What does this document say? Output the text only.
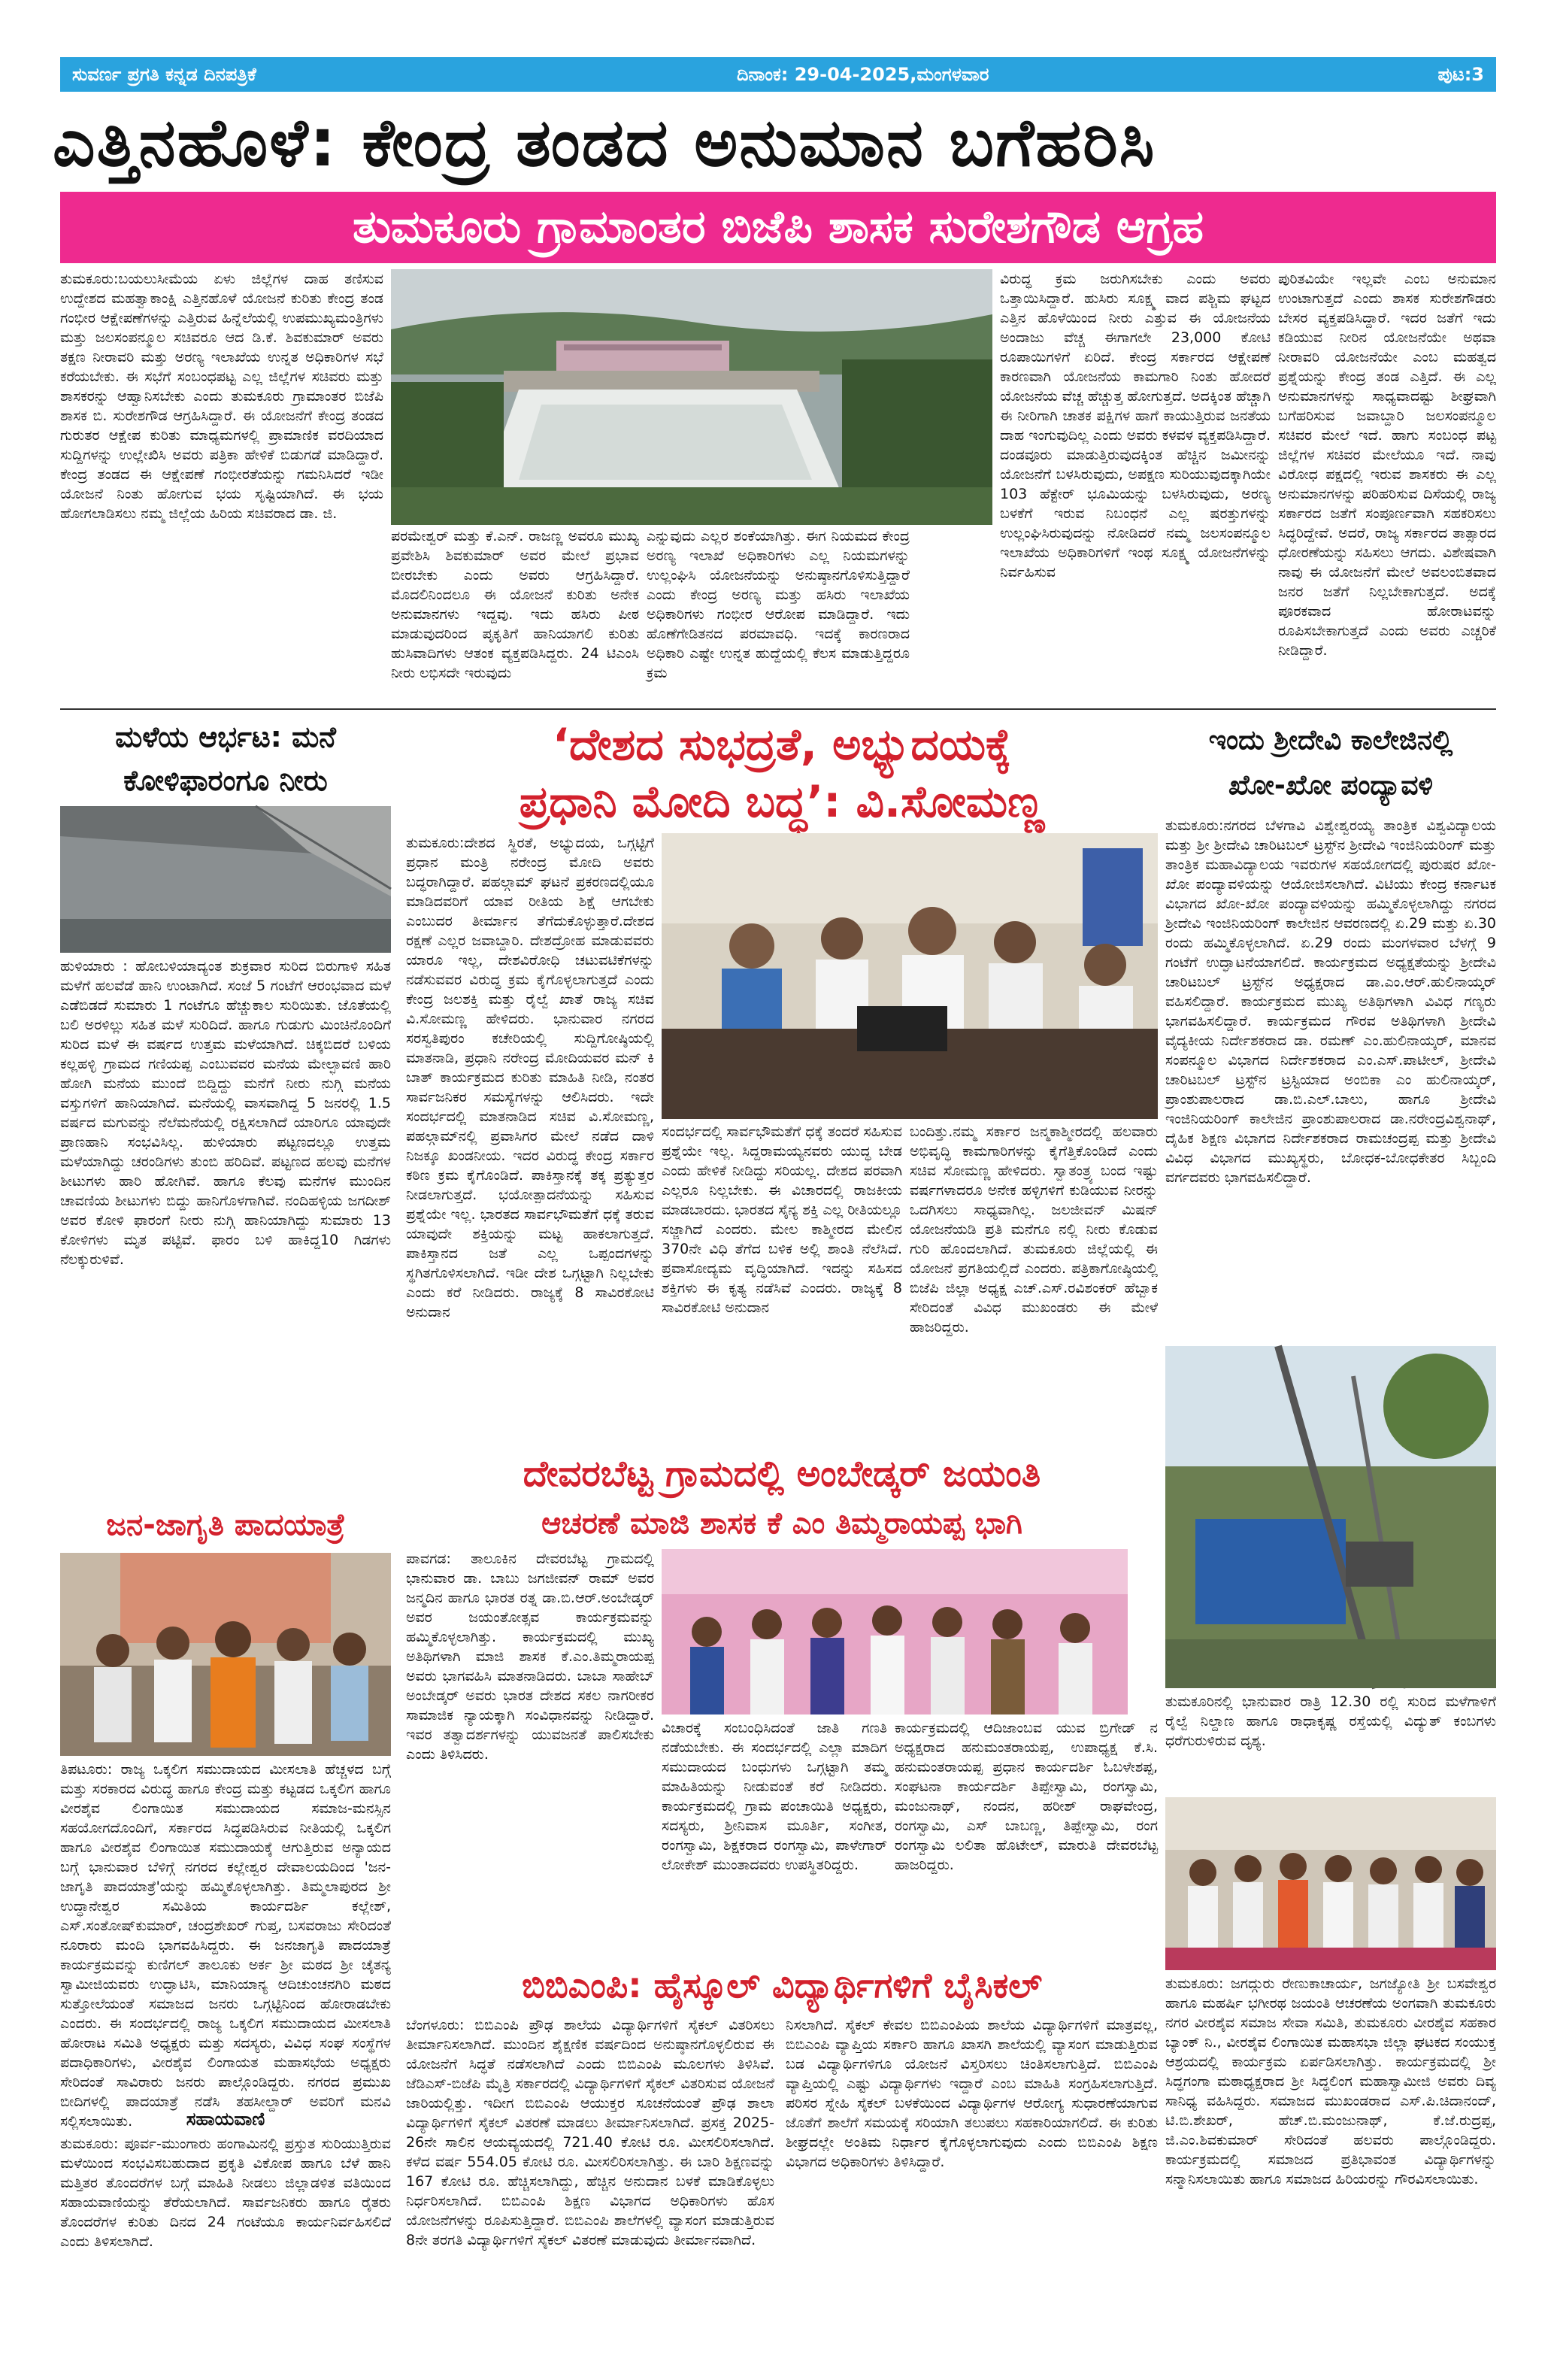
ಸುವರ್ಣ ಪ್ರಗತಿ ಕನ್ನಡ ದಿನಪತ್ರಿಕೆ	ದಿನಾಂಕ: 29-04-2025,ಮಂಗಳವಾರ	ಪುಟ:3
ಎತ್ತಿನಹೊಳೆ: ಕೇಂದ್ರ ತಂಡದ ಅನುಮಾನ ಬಗೆಹರಿಸಿ
ತುಮಕೂರು ಗ್ರಾಮಾಂತರ ಬಿಜೆಪಿ ಶಾಸಕ ಸುರೇಶಗೌಡ ಆಗ್ರಹ
ತುಮಕೂರು:ಬಯಲುಸೀಮೆಯ ಏಳು ಜಿಲ್ಲೆಗಳ ದಾಹ ತಣಿಸುವ ಉದ್ದೇಶದ ಮಹತ್ವಾಕಾಂಕ್ಷಿ ಎತ್ತಿನಹೊಳೆ ಯೋಜನೆ ಕುರಿತು ಕೇಂದ್ರ ತಂಡ ಗಂಭೀರ ಆಕ್ಷೇಪಣೆಗಳನ್ನು ಎತ್ತಿರುವ ಹಿನ್ನೆಲೆಯಲ್ಲಿ ಉಪಮುಖ್ಯಮಂತ್ರಿಗಳು ಮತ್ತು ಜಲಸಂಪನ್ಮೂಲ ಸಚಿವರೂ ಆದ ಡಿ.ಕೆ. ಶಿವಕುಮಾರ್ ಅವರು ತಕ್ಷಣ ನೀರಾವರಿ ಮತ್ತು ಅರಣ್ಯ ಇಲಾಖೆಯ ಉನ್ನತ ಅಧಿಕಾರಿಗಳ ಸಭೆ ಕರೆಯಬೇಕು. ಈ ಸಭೆಗೆ ಸಂಬಂಧಪಟ್ಟ ಎಲ್ಲ ಜಿಲ್ಲೆಗಳ ಸಚಿವರು ಮತ್ತು ಶಾಸಕರನ್ನು ಆಹ್ವಾನಿಸಬೇಕು ಎಂದು ತುಮಕೂರು ಗ್ರಾಮಾಂತರ ಬಿಜೆಪಿ ಶಾಸಕ ಬಿ. ಸುರೇಶಗೌಡ ಆಗ್ರಹಿಸಿದ್ದಾರೆ. ಈ ಯೋಜನೆಗೆ ಕೇಂದ್ರ ತಂಡದ ಗುರುತರ ಆಕ್ಷೇಪ ಕುರಿತು ಮಾಧ್ಯಮಗಳಲ್ಲಿ ಪ್ರಾಮಾಣಿಕ ವರದಿಯಾದ ಸುದ್ದಿಗಳನ್ನು ಉಲ್ಲೇಖಿಸಿ ಅವರು ಪತ್ರಿಕಾ ಹೇಳಿಕೆ ಬಿಡುಗಡೆ ಮಾಡಿದ್ದಾರೆ. ಕೇಂದ್ರ ತಂಡದ ಈ ಆಕ್ಷೇಪಣೆ ಗಂಭೀರತೆಯನ್ನು ಗಮನಿಸಿದರೆ ಇಡೀ ಯೋಜನೆ ನಿಂತು ಹೋಗುವ ಭಯ ಸೃಷ್ಟಿಯಾಗಿದೆ. ಈ ಭಯ ಹೋಗಲಾಡಿಸಲು ನಮ್ಮ ಜಿಲ್ಲೆಯ ಹಿರಿಯ ಸಚಿವರಾದ ಡಾ. ಜಿ.
ಪರಮೇಶ್ವರ್ ಮತ್ತು ಕೆ.ಎನ್. ರಾಜಣ್ಣ ಅವರೂ ಮುಖ್ಯ ಪ್ರವೇಶಿಸಿ ಶಿವಕುಮಾರ್ ಅವರ ಮೇಲೆ ಪ್ರಭಾವ ಬೀರಬೇಕು ಎಂದು ಅವರು ಆಗ್ರಹಿಸಿದ್ದಾರೆ. ಮೊದಲಿನಿಂದಲೂ ಈ ಯೋಜನೆ ಕುರಿತು ಅನೇಕ ಅನುಮಾನಗಳು ಇದ್ದವು. ಇದು ಹಸಿರು ಪೀಠ ಮಾಡುವುದರಿಂದ ಪೃಕೃತಿಗೆ ಹಾನಿಯಾಗಲಿ ಕುರಿತು ಹುಸಿವಾದಿಗಳು ಆತಂಕ ವ್ಯಕ್ತಪಡಿಸಿದ್ದರು. 24 ಟಿಎಂಸಿ ನೀರು ಲಭಿಸದೇ ಇರುವುದು
ಎನ್ನುವುದು ಎಲ್ಲರ ಶಂಕೆಯಾಗಿತ್ತು. ಈಗ ನಿಯಮದ ಕೇಂದ್ರ ಅರಣ್ಯ ಇಲಾಖೆ ಅಧಿಕಾರಿಗಳು ಎಲ್ಲ ನಿಯಮಗಳನ್ನು ಉಲ್ಲಂಘಿಸಿ ಯೋಜನೆಯನ್ನು ಅನುಷ್ಠಾನಗೊಳಿಸುತ್ತಿದ್ದಾರೆ ಎಂದು ಕೇಂದ್ರ ಅರಣ್ಯ ಮತ್ತು ಹಸಿರು ಇಲಾಖೆಯ ಅಧಿಕಾರಿಗಳು ಗಂಭೀರ ಆರೋಪ ಮಾಡಿದ್ದಾರೆ. ಇದು ಹೊಣೆಗೇಡಿತನದ ಪರಮಾವಧಿ. ಇದಕ್ಕೆ ಕಾರಣರಾದ ಅಧಿಕಾರಿ ಎಷ್ಟೇ ಉನ್ನತ ಹುದ್ದೆಯಲ್ಲಿ ಕೆಲಸ ಮಾಡುತ್ತಿದ್ದರೂ ಕ್ರಮ
ವಿರುದ್ಧ ಕ್ರಮ ಜರುಗಿಸಬೇಕು ಎಂದು ಅವರು ಒತ್ತಾಯಿಸಿದ್ದಾರೆ. ಹುಸಿರು ಸೂಕ್ಷ್ಮ ವಾದ ಪಶ್ಚಿಮ ಘಟ್ಟದ ಎತ್ತಿನ ಹೊಳೆಯಿಂದ ನೀರು ಎತ್ತುವ ಈ ಯೋಜನೆಯ ಅಂದಾಜು ವೆಚ್ಚ ಈಗಾಗಲೇ 23,000 ಕೋಟಿ ರೂಪಾಯಿಗಳಿಗೆ ಏರಿದೆ. ಕೇಂದ್ರ ಸರ್ಕಾರದ ಆಕ್ಷೇಪಣೆ ಕಾರಣವಾಗಿ ಯೋಜನೆಯ ಕಾಮಗಾರಿ ನಿಂತು ಹೋದರೆ ಯೋಜನೆಯ ವೆಚ್ಚ ಹೆಚ್ಚುತ್ತ ಹೋಗುತ್ತದೆ. ಅದಕ್ಕಿಂತ ಹೆಚ್ಚಾಗಿ ಈ ನೀರಿಗಾಗಿ ಚಾತಕ ಪಕ್ಷಿಗಳ ಹಾಗೆ ಕಾಯುತ್ತಿರುವ ಜನತೆಯ ದಾಹ ಇಂಗುವುದಿಲ್ಲ ಎಂದು ಅವರು ಕಳವಳ ವ್ಯಕ್ತಪಡಿಸಿದ್ದಾರೆ. ದಂಡವೂರು ಮಾಡುತ್ತಿರುವುದಕ್ಕಿಂತ ಹೆಚ್ಚಿನ ಜಮೀನನ್ನು ಯೋಜನೆಗೆ ಬಳಸಿರುವುದು, ಅಪಕ್ಷಣ ಸುರಿಯುವುದಕ್ಕಾಗಿಯೇ 103 ಹೆಕ್ಟೇರ್ ಭೂಮಿಯನ್ನು ಬಳಸಿರುವುದು, ಅರಣ್ಯ ಬಳಕೆಗೆ ಇರುವ ನಿಬಂಧನೆ ಎಲ್ಲ ಷರತ್ತುಗಳನ್ನು ಉಲ್ಲಂಘಿಸಿರುವುದನ್ನು ನೋಡಿದರೆ ನಮ್ಮ ಜಲಸಂಪನ್ಮೂಲ ಇಲಾಖೆಯ ಅಧಿಕಾರಿಗಳಿಗೆ ಇಂಥ ಸೂಕ್ಷ್ಮ ಯೋಜನೆಗಳನ್ನು ನಿರ್ವಹಿಸುವ
ಪುರಿತವಿಯೇ ಇಲ್ಲವೇ ಎಂಬ ಅನುಮಾನ ಉಂಟಾಗುತ್ತದೆ ಎಂದು ಶಾಸಕ ಸುರೇಶಗೌಡರು ಬೇಸರ ವ್ಯಕ್ತಪಡಿಸಿದ್ದಾರೆ. ಇದರ ಜತೆಗೆ ಇದು ಕಡಿಯುವ ನೀರಿನ ಯೋಜನೆಯೇ ಅಥವಾ ನೀರಾವರಿ ಯೋಜನೆಯೇ ಎಂಬ ಮಹತ್ವದ ಪ್ರಶ್ನೆಯನ್ನು ಕೇಂದ್ರ ತಂಡ ಎತ್ತಿದೆ. ಈ ಎಲ್ಲ ಅನುಮಾನಗಳನ್ನು ಸಾಧ್ಯವಾದಷ್ಟು ಶೀಘ್ರವಾಗಿ ಬಗೆಹರಿಸುವ ಜವಾಬ್ದಾರಿ ಜಲಸಂಪನ್ಮೂಲ ಸಚಿವರ ಮೇಲೆ ಇದೆ. ಹಾಗು ಸಂಬಂಧ ಪಟ್ಟ ಜಿಲ್ಲೆಗಳ ಸಚಿವರ ಮೇಲೆಯೂ ಇದೆ. ನಾವು ವಿರೋಧ ಪಕ್ಷದಲ್ಲಿ ಇರುವ ಶಾಸಕರು ಈ ಎಲ್ಲ ಅನುಮಾನಗಳನ್ನು ಪರಿಹರಿಸುವ ದಿಸೆಯಲ್ಲಿ ರಾಜ್ಯ ಸರ್ಕಾರದ ಜತೆಗೆ ಸಂಪೂರ್ಣವಾಗಿ ಸಹಕರಿಸಲು ಸಿದ್ಧರಿದ್ದೇವೆ. ಅದರೆ, ರಾಜ್ಯ ಸರ್ಕಾರದ ತಾತ್ಸಾರದ ಧೋರಣೆಯನ್ನು ಸಹಿಸಲು ಆಗದು. ವಿಶೇಷವಾಗಿ ನಾವು ಈ ಯೋಜನೆಗೆ ಮೇಲೆ ಅವಲಂಬಿತವಾದ ಜನರ ಜತೆಗೆ ನಿಲ್ಲಬೇಕಾಗುತ್ತದೆ. ಅದಕ್ಕೆ ಪೂರಕವಾದ ಹೋರಾಟವನ್ನು ರೂಪಿಸಬೇಕಾಗುತ್ತದೆ ಎಂದು ಅವರು ಎಚ್ಚರಿಕೆ ನೀಡಿದ್ದಾರೆ.
ಮಳೆಯ ಆರ್ಭಟ: ಮನೆ
ಕೋಳಿಫಾರಂಗೂ ನೀರು
ಹುಳಿಯಾರು : ಹೋಬಳಿಯಾದ್ಯಂತ ಶುಕ್ರವಾರ ಸುರಿದ ಬಿರುಗಾಳಿ ಸಹಿತ ಮಳೆಗೆ ಹಲವೆಡೆ ಹಾನಿ ಉಂಟಾಗಿದೆ. ಸಂಜೆ 5 ಗಂಟೆಗೆ ಆರಂಭವಾದ ಮಳೆ ಎಡೆಬಿಡದೆ ಸುಮಾರು 1 ಗಂಟೆಗೂ ಹೆಚ್ಚುಕಾಲ ಸುರಿಯಿತು. ಜೊತೆಯಲ್ಲಿ ಬಲಿ ಅರಳಿಲ್ಲು ಸಹಿತ ಮಳೆ ಸುರಿದಿದೆ. ಹಾಗೂ ಗುಡುಗು ಮಿಂಚಿನೊಂದಿಗೆ ಸುರಿದ ಮಳೆ ಈ ವರ್ಷದ ಉತ್ತಮ ಮಳೆಯಾಗಿದೆ. ಚಿಕ್ಕಬಿದರೆ ಬಳಿಯ ಕಲ್ಲಹಳ್ಳಿ ಗ್ರಾಮದ ಗಣಿಯಪ್ಪ ಎಂಬುವವರ ಮನೆಯ ಮೇಲ್ಛಾವಣಿ ಹಾರಿ ಹೋಗಿ ಮನೆಯ ಮುಂದೆ ಬಿದ್ದಿದ್ದು ಮನೆಗೆ ನೀರು ನುಗ್ಗಿ ಮನೆಯ ವಸ್ತುಗಳಿಗೆ ಹಾನಿಯಾಗಿದೆ. ಮನೆಯಲ್ಲಿ ವಾಸವಾಗಿದ್ದ 5 ಜನರಲ್ಲಿ 1.5 ವರ್ಷದ ಮಗುವನ್ನು ನೆಲೆಮನೆಯಲ್ಲಿ ರಕ್ಷಿಸಲಾಗಿದೆ ಯಾರಿಗೂ ಯಾವುದೇ ಪ್ರಾಣಹಾನಿ ಸಂಭವಿಸಿಲ್ಲ. ಹುಳಿಯಾರು ಪಟ್ಟಣದಲ್ಲೂ ಉತ್ತಮ ಮಳೆಯಾಗಿದ್ದು ಚರಂಡಿಗಳು ತುಂಬಿ ಹರಿದಿವೆ. ಪಟ್ಟಣದ ಹಲವು ಮನೆಗಳ ಶೀಟುಗಳು ಹಾರಿ ಹೋಗಿವೆ. ಹಾಗೂ ಕೆಲವು ಮನೆಗಳ ಮುಂದಿನ ಚಾವಣಿಯ ಶೀಟುಗಳು ಬಿದ್ದು ಹಾನಿಗೊಳಗಾಗಿವೆ. ನಂದಿಹಳ್ಳಿಯ ಜಗದೀಶ್ ಅವರ ಕೋಳಿ ಫಾರಂಗೆ ನೀರು ನುಗ್ಗಿ ಹಾನಿಯಾಗಿದ್ದು ಸುಮಾರು 13 ಕೋಳಿಗಳು ಮೃತ ಪಟ್ಟಿವೆ. ಫಾರಂ ಬಳಿ ಹಾಕಿದ್ದ10 ಗಿಡಗಳು ನೆಲಕ್ಕುರುಳಿವೆ.
‘ದೇಶದ ಸುಭದ್ರತೆ, ಅಭ್ಯುದಯಕ್ಕೆ
ಪ್ರಧಾನಿ ಮೋದಿ ಬದ್ಧ’: ವಿ.ಸೋಮಣ್ಣ
ತುಮಕೂರು:ದೇಶದ ಸ್ಥಿರತೆ, ಅಭ್ಯುದಯ, ಒಗ್ಗಟ್ಟಿಗೆ ಪ್ರಧಾನ ಮಂತ್ರಿ ನರೇಂದ್ರ ಮೋದಿ ಅವರು ಬದ್ಧರಾಗಿದ್ದಾರೆ. ಪಹಲ್ಗಾಮ್ ಘಟನೆ ಪ್ರಕರಣದಲ್ಲಿಯೂ ಮಾಡಿದವರಿಗೆ ಯಾವ ರೀತಿಯ ಶಿಕ್ಷೆ ಆಗಬೇಕು ಎಂಬುದರ ತೀರ್ಮಾನ ತೆಗೆದುಕೊಳ್ಳುತ್ತಾರೆ.ದೇಶದ ರಕ್ಷಣೆ ಎಲ್ಲರ ಜವಾಬ್ದಾರಿ. ದೇಶದ್ರೋಹ ಮಾಡುವವರು ಯಾರೂ ಇಲ್ಲ, ದೇಶವಿರೋಧಿ ಚಟುವಟಿಕೆಗಳನ್ನು ನಡೆಸುವವರ ವಿರುದ್ಧ ಕ್ರಮ ಕೈಗೊಳ್ಳಲಾಗುತ್ತದೆ ಎಂದು ಕೇಂದ್ರ ಜಲಶಕ್ತಿ ಮತ್ತು ರೈಲ್ವೆ ಖಾತೆ ರಾಜ್ಯ ಸಚಿವ ವಿ.ಸೋಮಣ್ಣ ಹೇಳಿದರು. ಭಾನುವಾರ ನಗರದ ಸರಸ್ವತಿಪುರಂ ಕಚೇರಿಯಲ್ಲಿ ಸುದ್ದಿಗೋಷ್ಠಿಯಲ್ಲಿ ಮಾತನಾಡಿ, ಪ್ರಧಾನಿ ನರೇಂದ್ರ ಮೋದಿಯವರ ಮನ್ ಕಿ ಬಾತ್ ಕಾರ್ಯಕ್ರಮದ ಕುರಿತು ಮಾಹಿತಿ ನೀಡಿ, ನಂತರ ಸಾರ್ವಜನಿಕರ ಸಮಸ್ಯೆಗಳನ್ನು ಆಲಿಸಿದರು. ಇದೇ ಸಂದರ್ಭದಲ್ಲಿ ಮಾತನಾಡಿದ ಸಚಿವ ವಿ.ಸೋಮಣ್ಣ, ಪಹಲ್ಗಾಮ್‌ನಲ್ಲಿ ಪ್ರವಾಸಿಗರ ಮೇಲೆ ನಡೆದ ದಾಳಿ ನಿಜಕ್ಕೂ ಖಂಡನೀಯ. ಇದರ ವಿರುದ್ಧ ಕೇಂದ್ರ ಸರ್ಕಾರ ಕಠಿಣ ಕ್ರಮ ಕೈಗೊಂಡಿದೆ. ಪಾಕಿಸ್ತಾನಕ್ಕೆ ತಕ್ಕ ಪ್ರತ್ಯುತ್ತರ ನೀಡಲಾಗುತ್ತದೆ. ಭಯೋತ್ಪಾದನೆಯನ್ನು ಸಹಿಸುವ ಪ್ರಶ್ನೆಯೇ ಇಲ್ಲ. ಭಾರತದ ಸಾರ್ವಭೌಮತೆಗೆ ಧಕ್ಕೆ ತರುವ ಯಾವುದೇ ಶಕ್ತಿಯನ್ನು ಮಟ್ಟ ಹಾಕಲಾಗುತ್ತದೆ. ಪಾಕಿಸ್ತಾನದ ಜತೆ ಎಲ್ಲ ಒಪ್ಪಂದಗಳನ್ನು ಸ್ಥಗಿತಗೊಳಿಸಲಾಗಿದೆ. ಇಡೀ ದೇಶ ಒಗ್ಗಟ್ಟಾಗಿ ನಿಲ್ಲಬೇಕು ಎಂದು ಕರೆ ನೀಡಿದರು. ರಾಜ್ಯಕ್ಕೆ 8 ಸಾವಿರಕೋಟಿ ಅನುದಾನ
ಸಂದರ್ಭದಲ್ಲಿ ಸಾರ್ವಭೌಮತೆಗೆ ಧಕ್ಕೆ ತಂದರೆ ಸಹಿಸುವ ಪ್ರಶ್ನೆಯೇ ಇಲ್ಲ. ಸಿದ್ದರಾಮಯ್ಯನವರು ಯುದ್ಧ ಬೇಡ ಎಂದು ಹೇಳಿಕೆ ನೀಡಿದ್ದು ಸರಿಯಲ್ಲ. ದೇಶದ ಪರವಾಗಿ ಎಲ್ಲರೂ ನಿಲ್ಲಬೇಕು. ಈ ವಿಚಾರದಲ್ಲಿ ರಾಜಕೀಯ ಮಾಡಬಾರದು. ಭಾರತದ ಸೈನ್ಯ ಶಕ್ತಿ ಎಲ್ಲ ರೀತಿಯಲ್ಲೂ ಸಜ್ಜಾಗಿದೆ ಎಂದರು. ಮೇಲ ಕಾಶ್ಮೀರದ ಮೇಲಿನ 370ನೇ ವಿಧಿ ತೆಗೆದ ಬಳಿಕ ಅಲ್ಲಿ ಶಾಂತಿ ನೆಲೆಸಿದೆ. ಪ್ರವಾಸೋದ್ಯಮ ವೃದ್ಧಿಯಾಗಿದೆ. ಇದನ್ನು ಸಹಿಸದ ಶಕ್ತಿಗಳು ಈ ಕೃತ್ಯ ನಡೆಸಿವೆ ಎಂದರು. ರಾಜ್ಯಕ್ಕೆ 8 ಸಾವಿರಕೋಟಿ ಅನುದಾನ
ಬಂದಿತ್ತು.ನಮ್ಮ ಸರ್ಕಾರ ಜನ್ಮಕಾಶ್ಮೀರದಲ್ಲಿ ಹಲವಾರು ಅಭಿವೃದ್ಧಿ ಕಾಮಗಾರಿಗಳನ್ನು ಕೈಗೆತ್ತಿಕೊಂಡಿದೆ ಎಂದು ಸಚಿವ ಸೋಮಣ್ಣ ಹೇಳಿದರು. ಸ್ವಾತಂತ್ರ್ಯ ಬಂದ ಇಷ್ಟು ವರ್ಷಗಳಾದರೂ ಅನೇಕ ಹಳ್ಳಿಗಳಿಗೆ ಕುಡಿಯುವ ನೀರನ್ನು ಒದಗಿಸಲು ಸಾಧ್ಯವಾಗಿಲ್ಲ. ಜಲಜೀವನ್ ಮಿಷನ್ ಯೋಜನೆಯಡಿ ಪ್ರತಿ ಮನೆಗೂ ನಲ್ಲಿ ನೀರು ಕೊಡುವ ಗುರಿ ಹೊಂದಲಾಗಿದೆ. ತುಮಕೂರು ಜಿಲ್ಲೆಯಲ್ಲಿ ಈ ಯೋಜನೆ ಪ್ರಗತಿಯಲ್ಲಿದೆ ಎಂದರು. ಪತ್ರಿಕಾಗೋಷ್ಠಿಯಲ್ಲಿ ಬಿಜೆಪಿ ಜಿಲ್ಲಾ ಅಧ್ಯಕ್ಷ ಎಚ್.ಎಸ್.ರವಿಶಂಕರ್ ಹೆಬ್ಬಾಕ ಸೇರಿದಂತೆ ವಿವಿಧ ಮುಖಂಡರು ಈ ಮೇಳೆ ಹಾಜರಿದ್ದರು.
ಇಂದು ಶ್ರೀದೇವಿ ಕಾಲೇಜಿನಲ್ಲಿ
ಖೋ-ಖೋ ಪಂದ್ಯಾವಳಿ
ತುಮಕೂರು:ನಗರದ ಬೆಳಗಾವಿ ವಿಶ್ವೇಶ್ವರಯ್ಯ ತಾಂತ್ರಿಕ ವಿಶ್ವವಿದ್ಯಾಲಯ ಮತ್ತು ಶ್ರೀ ಶ್ರೀದೇವಿ ಚಾರಿಟಬಲ್ ಟ್ರಸ್ಟ್‌ನ ಶ್ರೀದೇವಿ ಇಂಜಿನಿಯರಿಂಗ್ ಮತ್ತು ತಾಂತ್ರಿಕ ಮಹಾವಿದ್ಯಾಲಯ ಇವರುಗಳ ಸಹಯೋಗದಲ್ಲಿ ಪುರುಷರ ಖೋ-ಖೋ ಪಂದ್ಯಾವಳಿಯನ್ನು ಆಯೋಜಿಸಲಾಗಿದೆ. ವಿಟಿಯು ಕೇಂದ್ರ ಕರ್ನಾಟಕ ವಿಭಾಗದ ಖೋ-ಖೋ ಪಂದ್ಯಾವಳಿಯನ್ನು ಹಮ್ಮಿಕೊಳ್ಳಲಾಗಿದ್ದು ನಗರದ ಶ್ರೀದೇವಿ ಇಂಜಿನಿಯರಿಂಗ್ ಕಾಲೇಜಿನ ಆವರಣದಲ್ಲಿ ಏ.29 ಮತ್ತು ಏ.30 ರಂದು ಹಮ್ಮಿಕೊಳ್ಳಲಾಗಿದೆ. ಏ.29 ರಂದು ಮಂಗಳವಾರ ಬೆಳಗ್ಗೆ 9 ಗಂಟೆಗೆ ಉದ್ಘಾಟನೆಯಾಗಲಿದೆ. ಕಾರ್ಯಕ್ರಮದ ಅಧ್ಯಕ್ಷತೆಯನ್ನು ಶ್ರೀದೇವಿ ಚಾರಿಟಬಲ್ ಟ್ರಸ್ಟ್‌ನ ಅಧ್ಯಕ್ಷರಾದ ಡಾ.ಎಂ.ಆರ್.ಹುಲಿನಾಯ್ಕರ್ ವಹಿಸಲಿದ್ದಾರೆ. ಕಾರ್ಯಕ್ರಮದ ಮುಖ್ಯ ಅತಿಥಿಗಳಾಗಿ ವಿವಿಧ ಗಣ್ಯರು ಭಾಗವಹಿಸಲಿದ್ದಾರೆ. ಕಾರ್ಯಕ್ರಮದ ಗೌರವ ಅತಿಥಿಗಳಾಗಿ ಶ್ರೀದೇವಿ ವೈದ್ಯಕೀಯ ನಿರ್ದೇಶಕರಾದ ಡಾ. ರಮಣ್ ಎಂ.ಹುಲಿನಾಯ್ಕರ್, ಮಾನವ ಸಂಪನ್ಮೂಲ ವಿಭಾಗದ ನಿರ್ದೇಶಕರಾದ ಎಂ.ಎಸ್.ಪಾಟೀಲ್, ಶ್ರೀದೇವಿ ಚಾರಿಟಬಲ್ ಟ್ರಸ್ಟ್‌ನ ಟ್ರಸ್ಟಿಯಾದ ಅಂಬಿಕಾ ಎಂ ಹುಲಿನಾಯ್ಕರ್, ಪ್ರಾಂಶುಪಾಲರಾದ ಡಾ.ಬಿ.ಎಲ್.ಬಾಲು, ಹಾಗೂ ಶ್ರೀದೇವಿ ಇಂಜಿನಿಯರಿಂಗ್ ಕಾಲೇಜಿನ ಪ್ರಾಂಶುಪಾಲರಾದ ಡಾ.ನರೇಂದ್ರವಿಶ್ವನಾಥ್, ದೈಹಿಕ ಶಿಕ್ಷಣ ವಿಭಾಗದ ನಿರ್ದೇಶಕರಾದ ರಾಮಚಂದ್ರಪ್ಪ ಮತ್ತು ಶ್ರೀದೇವಿ ವಿವಿಧ ವಿಭಾಗದ ಮುಖ್ಯಸ್ಥರು, ಬೋಧಕ-ಬೋಧಕೇತರ ಸಿಬ್ಬಂದಿ ವರ್ಗದವರು ಭಾಗವಹಿಸಲಿದ್ದಾರೆ.
ತುಮಕೂರಿನಲ್ಲಿ ಭಾನುವಾರ ರಾತ್ರಿ 12.30 ರಲ್ಲಿ ಸುರಿದ ಮಳೆಗಾಳಿಗೆ ರೈಲ್ವೆ ನಿಲ್ದಾಣ ಹಾಗೂ ರಾಧಾಕೃಷ್ಣ ರಸ್ತೆಯಲ್ಲಿ ವಿದ್ಯುತ್ ಕಂಬಗಳು ಧರೆಗುರುಳಿರುವ ದೃಶ್ಯ.
ಜನ-ಜಾಗೃತಿ ಪಾದಯಾತ್ರೆ
ತಿಪಟೂರು: ರಾಜ್ಯ ಒಕ್ಕಲಿಗ ಸಮುದಾಯದ ಮೀಸಲಾತಿ ಹೆಚ್ಚಳದ ಬಗ್ಗೆ ಮತ್ತು ಸರಕಾರದ ವಿರುದ್ಧ ಹಾಗೂ ಕೇಂದ್ರ ಮತ್ತು ಕಟ್ಟಡದ ಒಕ್ಕಲಿಗ ಹಾಗೂ ವೀರಶೈವ ಲಿಂಗಾಯಿತ ಸಮುದಾಯದ ಸಮಾಜ-ಮನಸ್ಸಿನ ಸಹಯೋಗದೊಂದಿಗೆ, ಸರ್ಕಾರದ ಸಿದ್ಧಪಡಿಸಿರುವ ನೀತಿಯಲ್ಲಿ ಒಕ್ಕಲಿಗ ಹಾಗೂ ವೀರಶೈವ ಲಿಂಗಾಯಿತ ಸಮುದಾಯಕ್ಕೆ ಆಗುತ್ತಿರುವ ಅನ್ಯಾಯದ ಬಗ್ಗೆ ಭಾನುವಾರ ಬೆಳಿಗ್ಗೆ ನಗರದ ಕಲ್ಲೇಶ್ವರ ದೇವಾಲಯದಿಂದ 'ಜನ-ಜಾಗೃತಿ ಪಾದಯಾತ್ರೆ'ಯನ್ನು ಹಮ್ಮಿಕೊಳ್ಳಲಾಗಿತ್ತು. ತಿಮ್ಮಲಾಪುರದ ಶ್ರೀ ಉದ್ಧಾನೇಶ್ವರ ಸಮಿತಿಯ ಕಾರ್ಯದರ್ಶಿ ಕಲ್ಲೇಶ್, ಎಸ್.ಸಂತೋಷ್‌ಕುಮಾರ್, ಚಂದ್ರಶೇಖರ್ ಗುಪ್ತ, ಬಸವರಾಜು ಸೇರಿದಂತೆ ನೂರಾರು ಮಂದಿ ಭಾಗವಹಿಸಿದ್ದರು. ಈ ಜನಜಾಗೃತಿ ಪಾದಯಾತ್ರೆ ಕಾರ್ಯಕ್ರಮವನ್ನು ಕುಣಿಗಲ್ ತಾಲೂಕು ಅರ್ಕ ಶ್ರೀ ಮಠದ ಶ್ರೀ ಚೈತನ್ಯ ಸ್ವಾಮೀಜಿಯವರು ಉದ್ಘಾಟಿಸಿ, ಮಾನಿಯಾನ್ಯ ಆದಿಚುಂಚನಗಿರಿ ಮಠದ ಸುತ್ತೋಲೆಯಂತೆ ಸಮಾಜದ ಜನರು ಒಗ್ಗಟ್ಟಿನಿಂದ ಹೋರಾಡಬೇಕು ಎಂದರು. ಈ ಸಂದರ್ಭದಲ್ಲಿ ರಾಜ್ಯ ಒಕ್ಕಲಿಗ ಸಮುದಾಯದ ಮೀಸಲಾತಿ ಹೋರಾಟ ಸಮಿತಿ ಅಧ್ಯಕ್ಷರು ಮತ್ತು ಸದಸ್ಯರು, ವಿವಿಧ ಸಂಘ ಸಂಸ್ಥೆಗಳ ಪದಾಧಿಕಾರಿಗಳು, ವೀರಶೈವ ಲಿಂಗಾಯತ ಮಹಾಸಭೆಯ ಅಧ್ಯಕ್ಷರು ಸೇರಿದಂತೆ ಸಾವಿರಾರು ಜನರು ಪಾಲ್ಗೊಂಡಿದ್ದರು. ನಗರದ ಪ್ರಮುಖ ಬೀದಿಗಳಲ್ಲಿ ಪಾದಯಾತ್ರೆ ನಡೆಸಿ ತಹಸೀಲ್ದಾರ್ ಅವರಿಗೆ ಮನವಿ ಸಲ್ಲಿಸಲಾಯಿತು.	ಸಹಾಯವಾಣಿ
ತುಮಕೂರು: ಪೂರ್ವ-ಮುಂಗಾರು ಹಂಗಾಮಿನಲ್ಲಿ ಪ್ರಸ್ತುತ ಸುರಿಯುತ್ತಿರುವ ಮಳೆಯಿಂದ ಸಂಭವಿಸಬಹುದಾದ ಪ್ರಕೃತಿ ವಿಕೋಪ ಹಾಗೂ ಬೆಳೆ ಹಾನಿ ಮತ್ತಿತರ ತೊಂದರೆಗಳ ಬಗ್ಗೆ ಮಾಹಿತಿ ನೀಡಲು ಜಿಲ್ಲಾಡಳಿತ ವತಿಯಿಂದ ಸಹಾಯವಾಣಿಯನ್ನು ತೆರೆಯಲಾಗಿದೆ. ಸಾರ್ವಜನಿಕರು ಹಾಗೂ ರೈತರು ತೊಂದರೆಗಳ ಕುರಿತು ದಿನದ 24 ಗಂಟೆಯೂ ಕಾರ್ಯನಿರ್ವಹಿಸಲಿದೆ ಎಂದು ತಿಳಿಸಲಾಗಿದೆ.
ದೇವರಬೆಟ್ಟ ಗ್ರಾಮದಲ್ಲಿ ಅಂಬೇಡ್ಕರ್ ಜಯಂತಿ
ಆಚರಣೆ ಮಾಜಿ ಶಾಸಕ ಕೆ ಎಂ ತಿಮ್ಮರಾಯಪ್ಪ ಭಾಗಿ
ಪಾವಗಡ: ತಾಲೂಕಿನ ದೇವರಬೆಟ್ಟ ಗ್ರಾಮದಲ್ಲಿ ಭಾನುವಾರ ಡಾ. ಬಾಬು ಜಗಜೀವನ್ ರಾಮ್ ಅವರ ಜನ್ಮದಿನ ಹಾಗೂ ಭಾರತ ರತ್ನ ಡಾ.ಬಿ.ಆರ್.ಅಂಬೇಡ್ಕರ್ ಅವರ ಜಯಂತೋತ್ಸವ ಕಾರ್ಯಕ್ರಮವನ್ನು ಹಮ್ಮಿಕೊಳ್ಳಲಾಗಿತ್ತು. ಕಾರ್ಯಕ್ರಮದಲ್ಲಿ ಮುಖ್ಯ ಅತಿಥಿಗಳಾಗಿ ಮಾಜಿ ಶಾಸಕ ಕೆ.ಎಂ.ತಿಮ್ಮರಾಯಪ್ಪ ಅವರು ಭಾಗವಹಿಸಿ ಮಾತನಾಡಿದರು. ಬಾಬಾ ಸಾಹೇಬ್ ಅಂಬೇಡ್ಕರ್ ಅವರು ಭಾರತ ದೇಶದ ಸಕಲ ನಾಗರೀಕರ ಸಾಮಾಜಿಕ ನ್ಯಾಯಕ್ಕಾಗಿ ಸಂವಿಧಾನವನ್ನು ನೀಡಿದ್ದಾರೆ. ಇವರ ತತ್ವಾದರ್ಶಗಳನ್ನು ಯುವಜನತೆ ಪಾಲಿಸಬೇಕು ಎಂದು ತಿಳಿಸಿದರು.
ವಿಚಾರಕ್ಕೆ ಸಂಬಂಧಿಸಿದಂತೆ ಜಾತಿ ಗಣತಿ ನಡೆಯಬೇಕು. ಈ ಸಂದರ್ಭದಲ್ಲಿ ಎಲ್ಲಾ ಮಾದಿಗ ಸಮುದಾಯದ ಬಂಧುಗಳು ಒಗ್ಗಟ್ಟಾಗಿ ತಮ್ಮ ಮಾಹಿತಿಯನ್ನು ನೀಡುವಂತೆ ಕರೆ ನೀಡಿದರು. ಕಾರ್ಯಕ್ರಮದಲ್ಲಿ ಗ್ರಾಮ ಪಂಚಾಯಿತಿ ಅಧ್ಯಕ್ಷರು, ಸದಸ್ಯರು, ಶ್ರೀನಿವಾಸ ಮೂರ್ತಿ, ಸಂಗೀತ, ರಂಗಸ್ವಾಮಿ, ಶಿಕ್ಷಕರಾದ ರಂಗಸ್ವಾಮಿ, ಪಾಳೇಗಾರ್ ಲೋಕೇಶ್ ಮುಂತಾದವರು ಉಪಸ್ಥಿತರಿದ್ದರು.
ಕಾರ್ಯಕ್ರಮದಲ್ಲಿ ಆದಿಜಾಂಬವ ಯುವ ಬ್ರಿಗೇಡ್ ನ ಅಧ್ಯಕ್ಷರಾದ ಹನುಮಂತರಾಯಪ್ಪ, ಉಪಾಧ್ಯಕ್ಷ ಕೆ.ಸಿ. ಹನುಮಂತರಾಯಪ್ಪ ಪ್ರಧಾನ ಕಾರ್ಯದರ್ಶಿ ಓಬಳೇಶಪ್ಪ, ಸಂಘಟನಾ ಕಾರ್ಯದರ್ಶಿ ತಿಪ್ಪೇಸ್ವಾಮಿ, ರಂಗಸ್ವಾಮಿ, ಮಂಜುನಾಥ್, ನಂದನ, ಹರೀಶ್ ರಾಘವೇಂದ್ರ, ರಂಗಸ್ವಾಮಿ, ಎಸ್ ಬಾಬಣ್ಣ, ತಿಪ್ಪೇಸ್ವಾಮಿ, ರಂಗ ರಂಗಸ್ವಾಮಿ ಲಲಿತಾ ಹೊಟೇಲ್, ಮಾರುತಿ ದೇವರಬೆಟ್ಟ ಹಾಜರಿದ್ದರು.
ಬಿಬಿಎಂಪಿ: ಹೈಸ್ಕೂಲ್ ವಿದ್ಯಾರ್ಥಿಗಳಿಗೆ ಬೈಸಿಕಲ್
ಬೆಂಗಳೂರು: ಬಿಬಿಎಂಪಿ ಪ್ರೌಢ ಶಾಲೆಯ ವಿದ್ಯಾರ್ಥಿಗಳಿಗೆ ಸೈಕಲ್ ವಿತರಿಸಲು ತೀರ್ಮಾನಿಸಲಾಗಿದೆ. ಮುಂದಿನ ಶೈಕ್ಷಣಿಕ ವರ್ಷದಿಂದ ಅನುಷ್ಠಾನಗೊಳ್ಳಲಿರುವ ಈ ಯೋಜನೆಗೆ ಸಿದ್ಧತೆ ನಡೆಸಲಾಗಿದೆ ಎಂದು ಬಿಬಿಎಂಪಿ ಮೂಲಗಳು ತಿಳಿಸಿವೆ. ಜೆಡಿಎಸ್-ಬಿಜೆಪಿ ಮೈತ್ರಿ ಸರ್ಕಾರದಲ್ಲಿ ವಿದ್ಯಾರ್ಥಿಗಳಿಗೆ ಸೈಕಲ್ ವಿತರಿಸುವ ಯೋಜನೆ ಜಾರಿಯಲ್ಲಿತ್ತು. ಇದೀಗ ಬಿಬಿಎಂಪಿ ಆಯುಕ್ತರ ಸೂಚನೆಯಂತೆ ಪ್ರೌಢ ಶಾಲಾ ವಿದ್ಯಾರ್ಥಿಗಳಿಗೆ ಸೈಕಲ್ ವಿತರಣೆ ಮಾಡಲು ತೀರ್ಮಾನಿಸಲಾಗಿದೆ. ಪ್ರಸಕ್ತ 2025-26ನೇ ಸಾಲಿನ ಆಯವ್ಯಯದಲ್ಲಿ 721.40 ಕೋಟಿ ರೂ. ಮೀಸಲಿರಿಸಲಾಗಿದೆ. ಕಳೆದ ವರ್ಷ 554.05 ಕೋಟಿ ರೂ. ಮೀಸಲಿರಿಸಲಾಗಿತ್ತು. ಈ ಬಾರಿ ಶಿಕ್ಷಣವನ್ನು 167 ಕೋಟಿ ರೂ. ಹೆಚ್ಚಿಸಲಾಗಿದ್ದು, ಹೆಚ್ಚಿನ ಅನುದಾನ ಬಳಕೆ ಮಾಡಿಕೊಳ್ಳಲು ನಿರ್ಧರಿಸಲಾಗಿದೆ. ಬಿಬಿಎಂಪಿ ಶಿಕ್ಷಣ ವಿಭಾಗದ ಅಧಿಕಾರಿಗಳು ಹೊಸ ಯೋಜನೆಗಳನ್ನು ರೂಪಿಸುತ್ತಿದ್ದಾರೆ. ಬಿಬಿಎಂಪಿ ಶಾಲೆಗಳಲ್ಲಿ ವ್ಯಾಸಂಗ ಮಾಡುತ್ತಿರುವ 8ನೇ ತರಗತಿ ವಿದ್ಯಾರ್ಥಿಗಳಿಗೆ ಸೈಕಲ್ ವಿತರಣೆ ಮಾಡುವುದು ತೀರ್ಮಾನವಾಗಿದೆ.
ನಿಸಲಾಗಿದೆ. ಸೈಕಲ್ ಕೇವಲ ಬಿಬಿಎಂಪಿಯ ಶಾಲೆಯ ವಿದ್ಯಾರ್ಥಿಗಳಿಗೆ ಮಾತ್ರವಲ್ಲ, ಬಿಬಿಎಂಪಿ ವ್ಯಾಪ್ತಿಯ ಸರ್ಕಾರಿ ಹಾಗೂ ಖಾಸಗಿ ಶಾಲೆಯಲ್ಲಿ ವ್ಯಾಸಂಗ ಮಾಡುತ್ತಿರುವ ಬಡ ವಿದ್ಯಾರ್ಥಿಗಳಿಗೂ ಯೋಜನೆ ವಿಸ್ತರಿಸಲು ಚಿಂತಿಸಲಾಗುತ್ತಿದೆ. ಬಿಬಿಎಂಪಿ ವ್ಯಾಪ್ತಿಯಲ್ಲಿ ಎಷ್ಟು ವಿದ್ಯಾರ್ಥಿಗಳು ಇದ್ದಾರೆ ಎಂಬ ಮಾಹಿತಿ ಸಂಗ್ರಹಿಸಲಾಗುತ್ತಿದೆ. ಪರಿಸರ ಸ್ನೇಹಿ ಸೈಕಲ್ ಬಳಕೆಯಿಂದ ವಿದ್ಯಾರ್ಥಿಗಳ ಆರೋಗ್ಯ ಸುಧಾರಣೆಯಾಗುವ ಜೊತೆಗೆ ಶಾಲೆಗೆ ಸಮಯಕ್ಕೆ ಸರಿಯಾಗಿ ತಲುಪಲು ಸಹಕಾರಿಯಾಗಲಿದೆ. ಈ ಕುರಿತು ಶೀಘ್ರದಲ್ಲೇ ಅಂತಿಮ ನಿರ್ಧಾರ ಕೈಗೊಳ್ಳಲಾಗುವುದು ಎಂದು ಬಿಬಿಎಂಪಿ ಶಿಕ್ಷಣ ವಿಭಾಗದ ಅಧಿಕಾರಿಗಳು ತಿಳಿಸಿದ್ದಾರೆ.
ತುಮಕೂರು: ಜಗದ್ಗುರು ರೇಣುಕಾಚಾರ್ಯ, ಜಗಜ್ಯೋತಿ ಶ್ರೀ ಬಸವೇಶ್ವರ ಹಾಗೂ ಮಹರ್ಷಿ ಭಗೀರಥ ಜಯಂತಿ ಆಚರಣೆಯ ಅಂಗವಾಗಿ ತುಮಕೂರು ನಗರ ವೀರಶೈವ ಸಮಾಜ ಸೇವಾ ಸಮಿತಿ, ತುಮಕೂರು ವೀರಶೈವ ಸಹಕಾರ ಬ್ಯಾಂಕ್ ನಿ., ವೀರಶೈವ ಲಿಂಗಾಯಿತ ಮಹಾಸಭಾ ಜಿಲ್ಲಾ ಘಟಕದ ಸಂಯುಕ್ತ ಆಶ್ರಯದಲ್ಲಿ ಕಾರ್ಯಕ್ರಮ ಏರ್ಪಡಿಸಲಾಗಿತ್ತು. ಕಾರ್ಯಕ್ರಮದಲ್ಲಿ ಶ್ರೀ ಸಿದ್ಧಗಂಗಾ ಮಠಾಧ್ಯಕ್ಷರಾದ ಶ್ರೀ ಸಿದ್ಧಲಿಂಗ ಮಹಾಸ್ವಾಮೀಜಿ ಅವರು ದಿವ್ಯ ಸಾನಿಧ್ಯ ವಹಿಸಿದ್ದರು. ಸಮಾಜದ ಮುಖಂಡರಾದ ಎಸ್.ಪಿ.ಚಿದಾನಂದ್, ಟಿ.ಬಿ.ಶೇಖರ್, ಹೆಚ್.ಬಿ.ಮಂಜುನಾಥ್, ಕೆ.ಜೆ.ರುದ್ರಪ್ಪ, ಜಿ.ಎಂ.ಶಿವಕುಮಾರ್ ಸೇರಿದಂತೆ ಹಲವರು ಪಾಲ್ಗೊಂಡಿದ್ದರು. ಕಾರ್ಯಕ್ರಮದಲ್ಲಿ ಸಮಾಜದ ಪ್ರತಿಭಾವಂತ ವಿದ್ಯಾರ್ಥಿಗಳನ್ನು ಸನ್ಮಾನಿಸಲಾಯಿತು ಹಾಗೂ ಸಮಾಜದ ಹಿರಿಯರನ್ನು ಗೌರವಿಸಲಾಯಿತು.
